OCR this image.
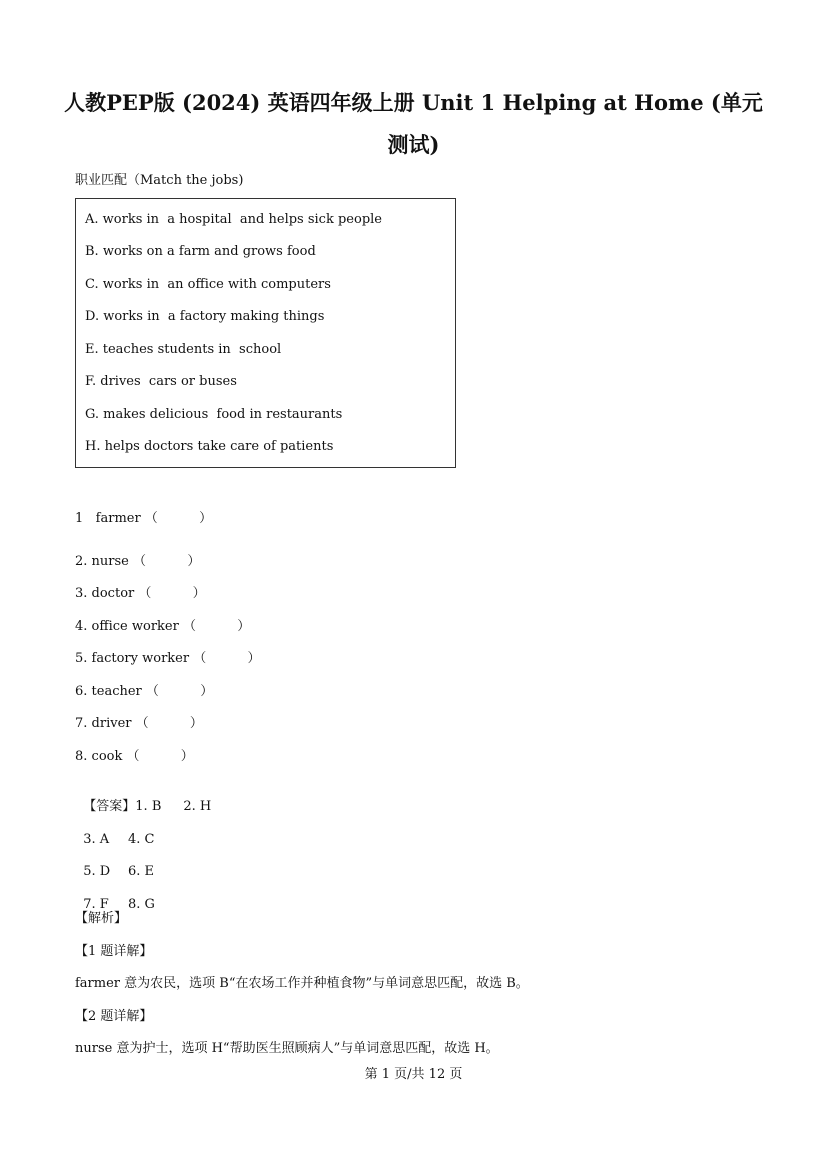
人教PEP版 (2024) 英语四年级上册 Unit 1 Helping at Home (单元测试)
职业匹配（Match the jobs)
A. works in  a hospital  and helps sick people
B. works on a farm and grows food
C. works in  an office with computers
D. works in  a factory making things
E. teaches students in  school
F. drives  cars or buses
G. makes delicious  food in restaurants
H. helps doctors take care of patients
1   farmer （          ）
2. nurse （          ）
3. doctor （          ）
4. office worker （          ）
5. factory worker （          ）
6. teacher （          ）
7. driver （          ）
8. cook （          ）

【答案】1. B 2. H

3. A 4. C

5. D 6. E

7. F 8. G

【解析】
【1 题详解】
farmer 意为农民，选项 B“在农场工作并种植食物”与单词意思匹配，故选 B。
【2 题详解】
nurse 意为护士，选项 H“帮助医生照顾病人”与单词意思匹配，故选 H。
第 1 页/共 12 页
